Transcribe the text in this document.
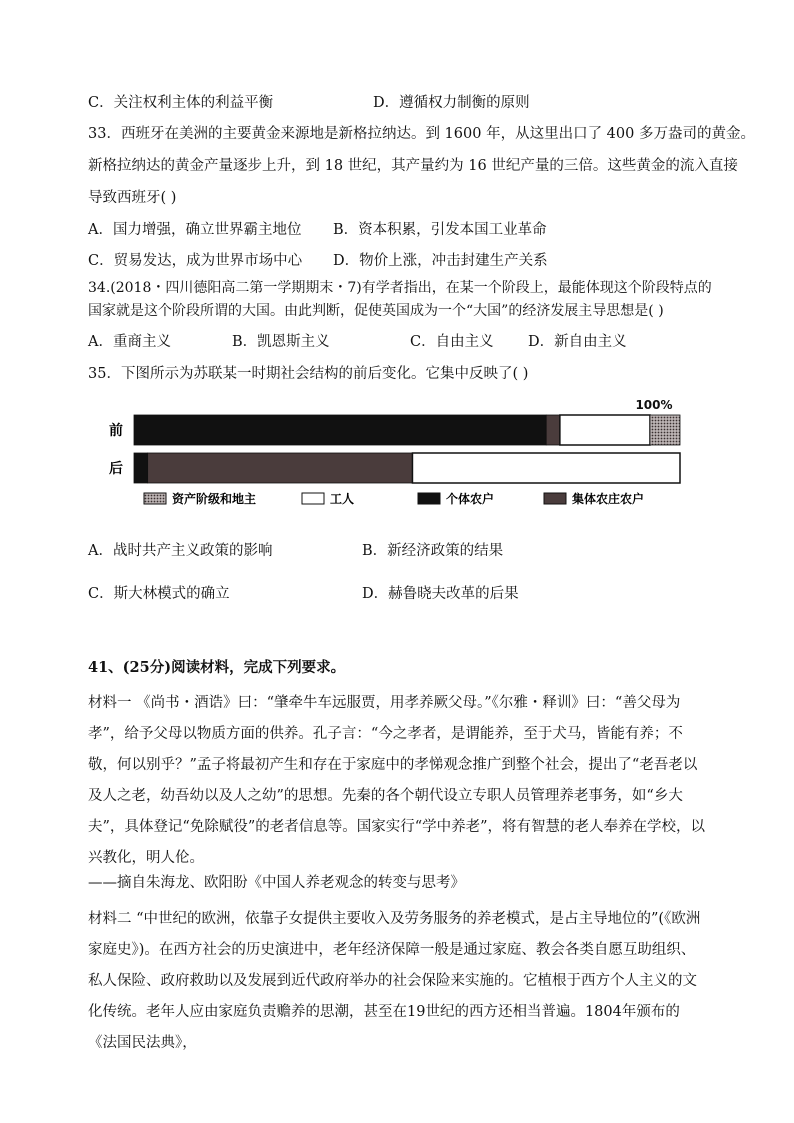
C．关注权利主体的利益平衡	D．遵循权力制衡的原则
33．西班牙在美洲的主要黄金来源地是新格拉纳达。到 1600 年，从这里出口了 400 多万盎司的黄金。
新格拉纳达的黄金产量逐步上升，到 18 世纪，其产量约为 16 世纪产量的三倍。这些黄金的流入直接
导致西班牙( )
A．国力增强，确立世界霸主地位 B．资本积累，引发本国工业革命
C．贸易发达，成为世界市场中心 D．物价上涨，冲击封建生产关系
34.(2018・四川德阳高二第一学期期末・7)有学者指出，在某一个阶段上，最能体现这个阶段特点的
国家就是这个阶段所谓的大国。由此判断，促使英国成为一个“大国”的经济发展主导思想是( )
A．重商主义	B．凯恩斯主义	C．自由主义 D．新自由主义
35．下图所示为苏联某一时期社会结构的前后变化。它集中反映了( )
100%
前
后
资产阶级和地主	工人	个体农户	集体农庄农户
A．战时共产主义政策的影响	B．新经济政策的结果
C．斯大林模式的确立	D．赫鲁晓夫改革的后果
41、(25分)阅读材料，完成下列要求。
材料一 《尚书・酒诰》曰：“肇牵牛车远服贾，用孝养厥父母。”《尔雅・释训》曰：“善父母为孝”，给予父母以物质方面的供养。孔子言：“今之孝者，是谓能养，至于犬马，皆能有养；不敬，何以别乎？”孟子将最初产生和存在于家庭中的孝悌观念推广到整个社会，提出了“老吾老以及人之老，幼吾幼以及人之幼”的思想。先秦的各个朝代设立专职人员管理养老事务，如“乡大夫”，具体登记“免除赋役”的老者信息等。国家实行“学中养老”，将有智慧的老人奉养在学校，以兴教化，明人伦。
——摘自朱海龙、欧阳盼《中国人养老观念的转变与思考》
材料二 “中世纪的欧洲，依靠子女提供主要收入及劳务服务的养老模式，是占主导地位的”(《欧洲家庭史》)。在西方社会的历史演进中，老年经济保障一般是通过家庭、教会各类自愿互助组织、私人保险、政府救助以及发展到近代政府举办的社会保险来实施的。它植根于西方个人主义的文化传统。老年人应由家庭负责赡养的思潮，甚至在19世纪的西方还相当普遍。1804年颁布的《法国民法典》，
